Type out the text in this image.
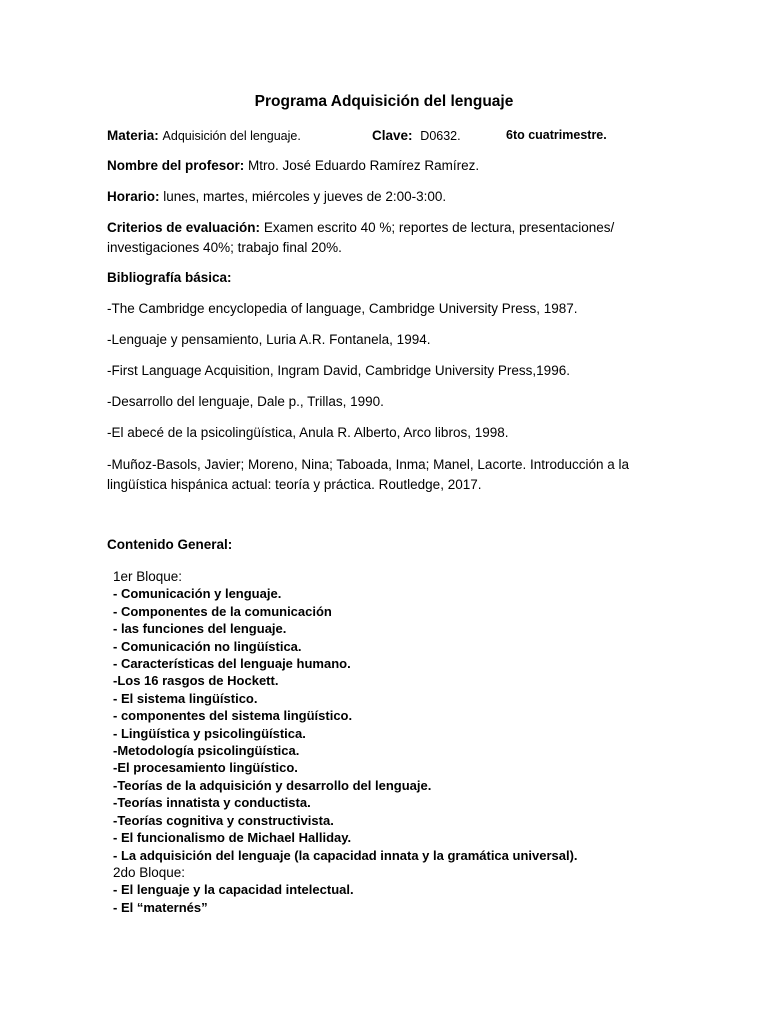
Programa Adquisición del lenguaje
Materia: Adquisición del lenguaje.	Clave: D0632.	6to cuatrimestre.
Nombre del profesor: Mtro. José Eduardo Ramírez Ramírez.
Horario: lunes, martes, miércoles y jueves de 2:00-3:00.
Criterios de evaluación: Examen escrito 40 %; reportes de lectura, presentaciones/
investigaciones 40%; trabajo final 20%.
Bibliografía básica:
-The Cambridge encyclopedia of language, Cambridge University Press, 1987.
-Lenguaje y pensamiento, Luria A.R. Fontanela, 1994.
-First Language Acquisition, Ingram David, Cambridge University Press,1996.
-Desarrollo del lenguaje, Dale p., Trillas, 1990.
-El abecé de la psicolingüística, Anula R. Alberto, Arco libros, 1998.
-Muñoz-Basols, Javier; Moreno, Nina; Taboada, Inma; Manel, Lacorte. Introducción a la
lingüística hispánica actual: teoría y práctica. Routledge, 2017.
Contenido General:
1er Bloque:
- Comunicación y lenguaje.
- Componentes de la comunicación
- las funciones del lenguaje.
- Comunicación no lingüística.
- Características del lenguaje humano.
-Los 16 rasgos de Hockett.
- El sistema lingüístico.
- componentes del sistema lingüístico.
- Lingüística y psicolingüística.
-Metodología psicolingüística.
-El procesamiento lingüístico.
-Teorías de la adquisición y desarrollo del lenguaje.
-Teorías innatista y conductista.
-Teorías cognitiva y constructivista.
- El funcionalismo de Michael Halliday.
- La adquisición del lenguaje (la capacidad innata y la gramática universal).
2do Bloque:
- El lenguaje y la capacidad intelectual.
- El “maternés”
